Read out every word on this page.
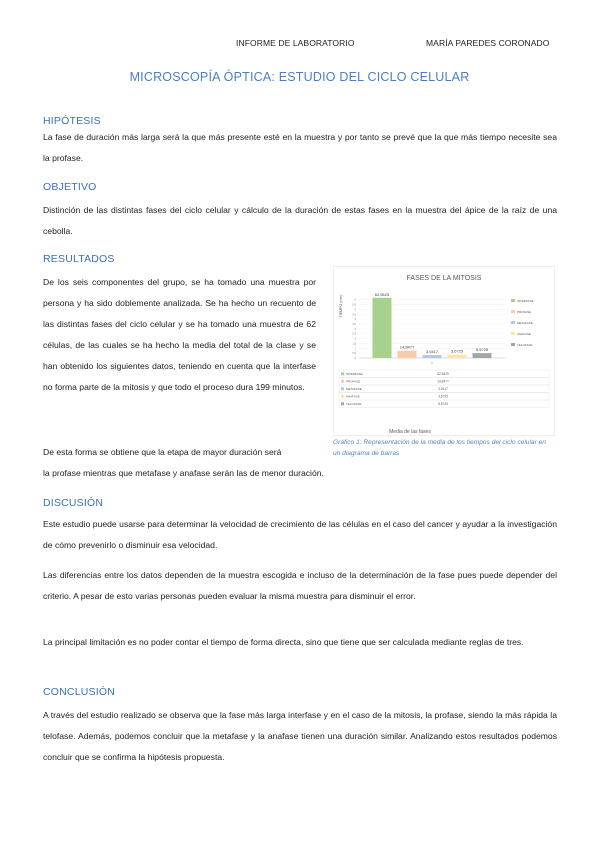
INFORME DE LABORATORIO	MARÍA PAREDES CORONADO
MICROSCOPÍA ÓPTICA: ESTUDIO DEL CICLO CELULAR
HIPÓTESIS

La fase de duración más larga será la que más presente esté en la muestra y por tanto se prevé que la que más tiempo necesite sea la profase.

OBJETIVO

Distinción de las distintas fases del ciclo celular y cálculo de la duración de estas fases en la muestra del ápice de la raíz de una cebolla.

RESULTADOS

De los seis componentes del grupo, se ha tomado una muestra por persona y ha sido doblemente analizada. Se ha hecho un recuento de las distintas fases del ciclo celular y se ha tomado una muestra de 62 células, de las cuales se ha hecho la media del total de la clase y se han obtenido los siguientes datos, teniendo en cuenta que la interfase no forma parte de la mitosis y que todo el proceso dura 199 minutos.

De esta forma se obtiene que la etapa de mayor duración será

la profase mientras que metafase y anafase serán las de menor duración.

FASES DE LA MITOSIS
TIEMPO (min)
Media de las fases
0
0,5
1
1,5
2
2,5
3
3,5
4
4,5
5
5,5
6
62,5625
14,84??
3,0417	3,6?25	5,5?25
1
INTERFASE
PROFASE
METAFASE
ANAFASE
TELOFASE
INTERFASE	62,5625
PROFASE	14,84??
METAFASE	3,0417
ANAFASE	3,6?25
TELOFASE	5,5?25
Gráfico 1: Representación de la media de los tiempos del ciclo celular en un diagrama de barras
DISCUSIÓN

Este estudio puede usarse para determinar la velocidad de crecimiento de las células en el caso del cancer y ayudar a la investigación de cómo prevenirlo o disminuir esa velocidad.

Las diferencias entre los datos dependen de la muestra escogida e incluso de la determinación de la fase pues puede depender del criterio. A pesar de esto varias personas pueden evaluar la misma muestra para disminuir el error.

La principal limitación es no poder contar el tiempo de forma directa, sino que tiene que ser calculada mediante reglas de tres.

CONCLUSIÓN

A través del estudio realizado se observa que la fase más larga interfase y en el caso de la mitosis, la profase, siendo la más rápida la telofase. Además, podemos concluir que la metafase y la anafase tienen una duración similar. Analizando estos resultados podemos concluir que se confirma la hipótesis propuesta.
